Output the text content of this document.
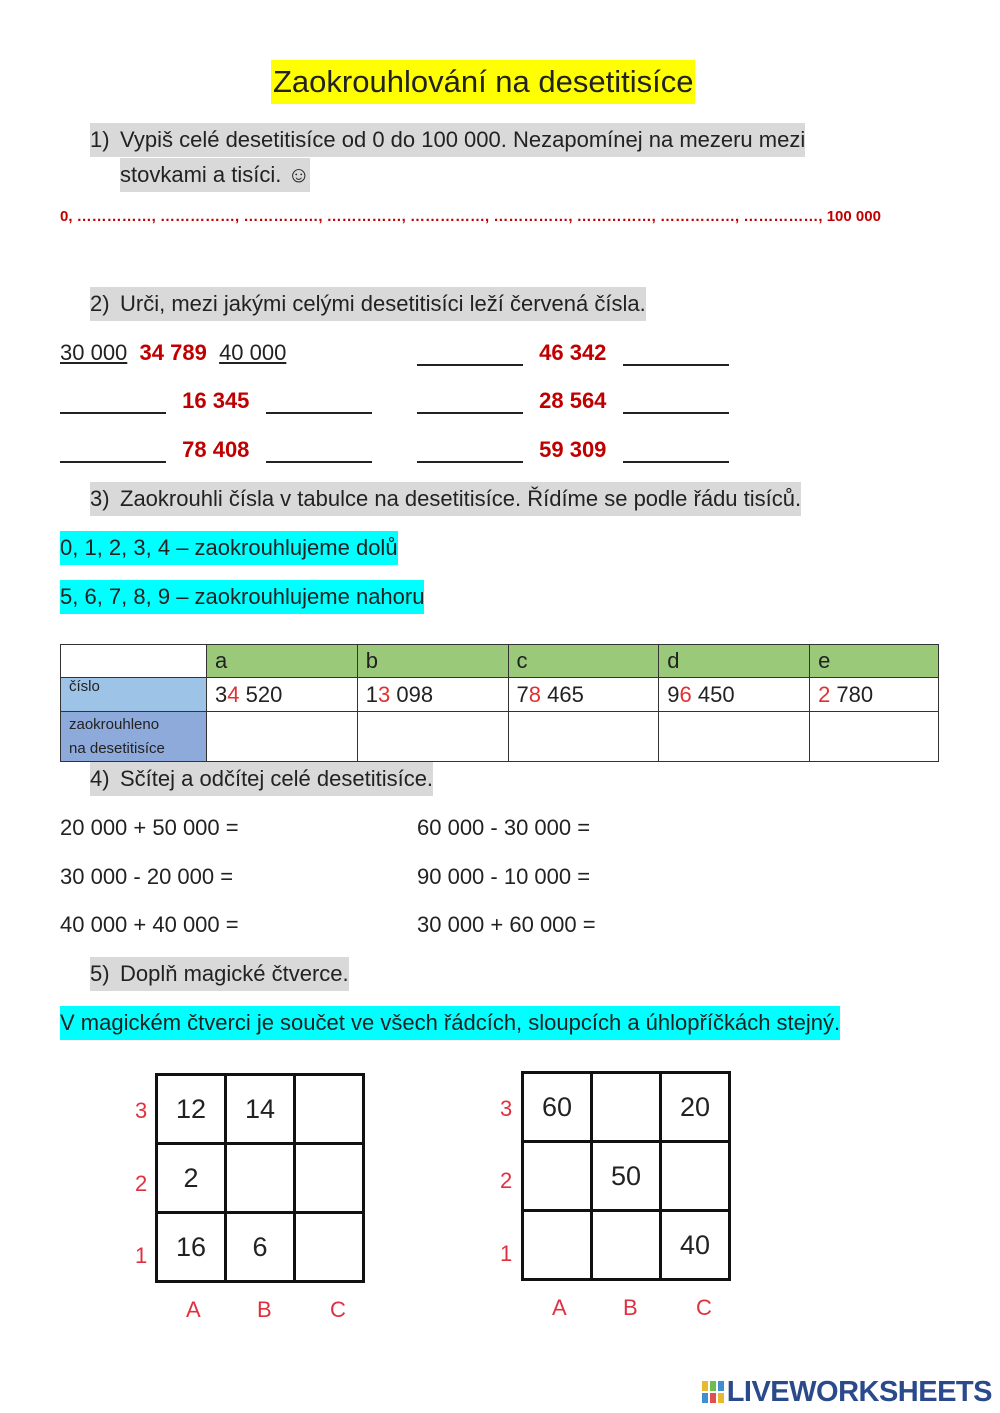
Zaokrouhlování na desetitisíce
1) Vypiš celé desetitisíce od 0 do 100 000. Nezapomínej na mezeru mezi
stovkami a tisíci. ☺
0, ……………, ……………, ……………, ……………, ……………, ……………, ……………, ……………, ……………, 100 000
2) Urči, mezi jakými celými desetitisíci leží červená čísla.
30 000 34 789 40 000	46 342
16 345	28 564
78 408	59 309
3) Zaokrouhli čísla v tabulce na desetitisíce. Řídíme se podle řádu tisíců.
0, 1, 2, 3, 4 – zaokrouhlujeme dolů
5, 6, 7, 8, 9 – zaokrouhlujeme nahoru
	a	b	c	d	e
číslo	34 520	13 098	78 465	96 450	2 780
zaokrouhleno
na desetitisíce					
4) Sčítej a odčítej celé desetitisíce.
20 000 + 50 000 =	60 000 - 30 000 =
30 000 - 20 000 =	90 000 - 10 000 =
40 000 + 40 000 =	30 000 + 60 000 =
5) Doplň magické čtverce.
V magickém čtverci je součet ve všech řádcích, sloupcích a úhlopříčkách stejný.
12	14	
2		
16	6	
3
2
1
A	B	C
60		20
	50	
		40
3
2
1
A	B	C
LIVEWORKSHEETS
